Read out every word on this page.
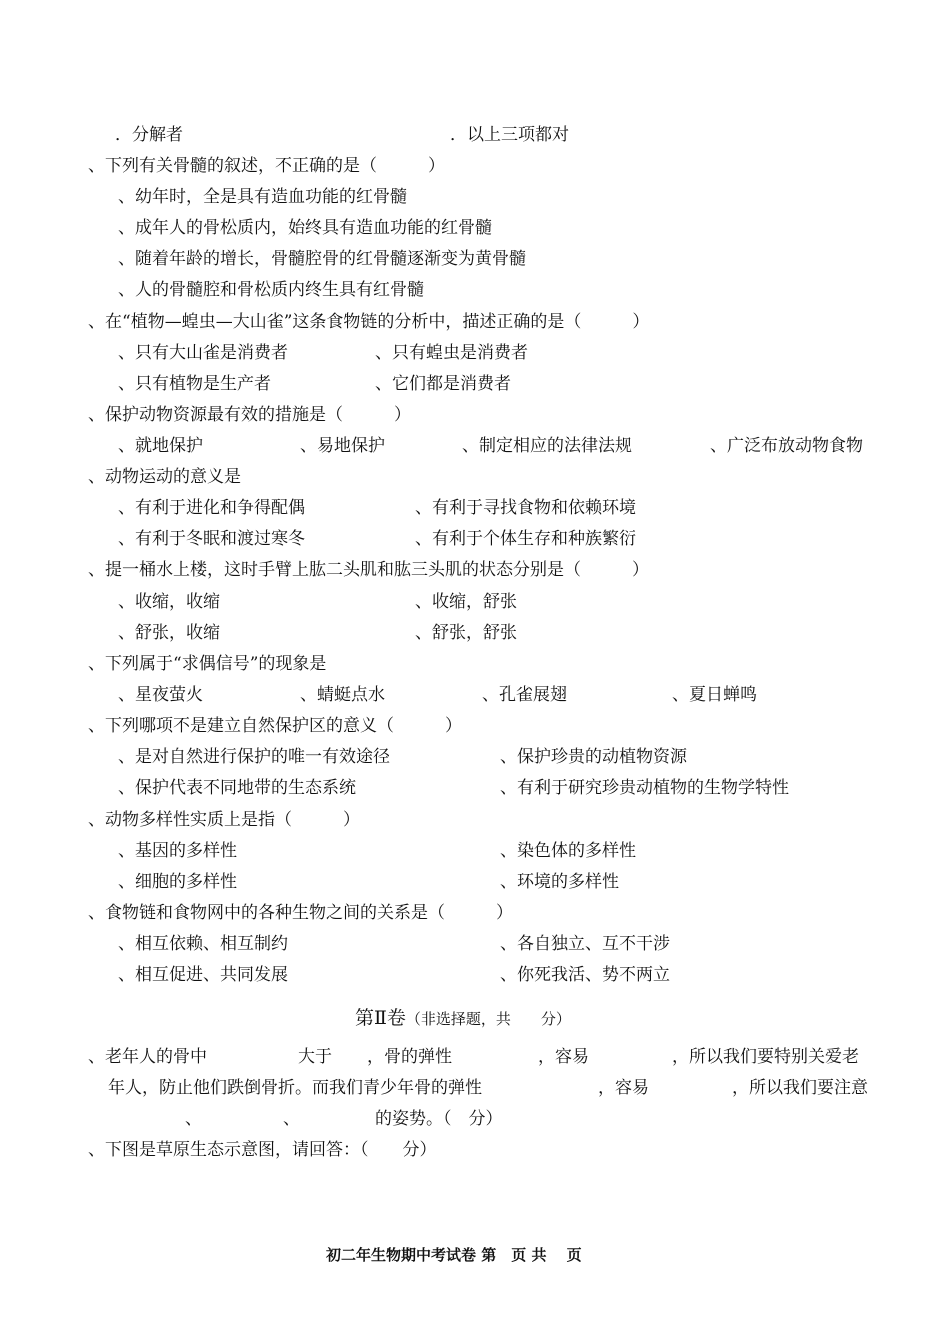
．分解者	．以上三项都对
、下列有关骨髓的叙述，不正确的是（　　　）
、幼年时，全是具有造血功能的红骨髓
、成年人的骨松质内，始终具有造血功能的红骨髓
、随着年龄的增长，骨髓腔骨的红骨髓逐渐变为黄骨髓
、人的骨髓腔和骨松质内终生具有红骨髓
、在“植物—蝗虫—大山雀”这条食物链的分析中，描述正确的是（　　　）
、只有大山雀是消费者	、只有蝗虫是消费者
、只有植物是生产者	、它们都是消费者
、保护动物资源最有效的措施是（　　　）
、就地保护	、易地保护	、制定相应的法律法规	、广泛布放动物食物
、动物运动的意义是
、有利于进化和争得配偶	、有利于寻找食物和依赖环境
、有利于冬眠和渡过寒冬	、有利于个体生存和种族繁衍
、提一桶水上楼，这时手臂上肱二头肌和肱三头肌的状态分别是（　　　）
、收缩，收缩	、收缩，舒张
、舒张，收缩	、舒张，舒张
、下列属于“求偶信号”的现象是
、星夜萤火	、蜻蜓点水	、孔雀展翅	、夏日蝉鸣
、下列哪项不是建立自然保护区的意义（　　　）
、是对自然进行保护的唯一有效途径	、保护珍贵的动植物资源
、保护代表不同地带的生态系统	、有利于研究珍贵动植物的生物学特性
、动物多样性实质上是指（　　　）
、基因的多样性	、染色体的多样性
、细胞的多样性	、环境的多样性
、食物链和食物网中的各种生物之间的关系是（　　　）
、相互依赖、相互制约	、各自独立、互不干涉
、相互促进、共同发展	、你死我活、势不两立
、老年人的骨中	大于 ，骨的弹性	，容易	，所以我们要特别关爱老
年人，防止他们跌倒骨折。而我们青少年骨的弹性	，容易	，所以我们要注意
、	、	的姿势。（　分）
、下图是草原生态示意图，请回答：（　　分）
第Ⅱ卷（非选择题，共　　分）
初二年生物期中考试卷 第　页 共　 页
